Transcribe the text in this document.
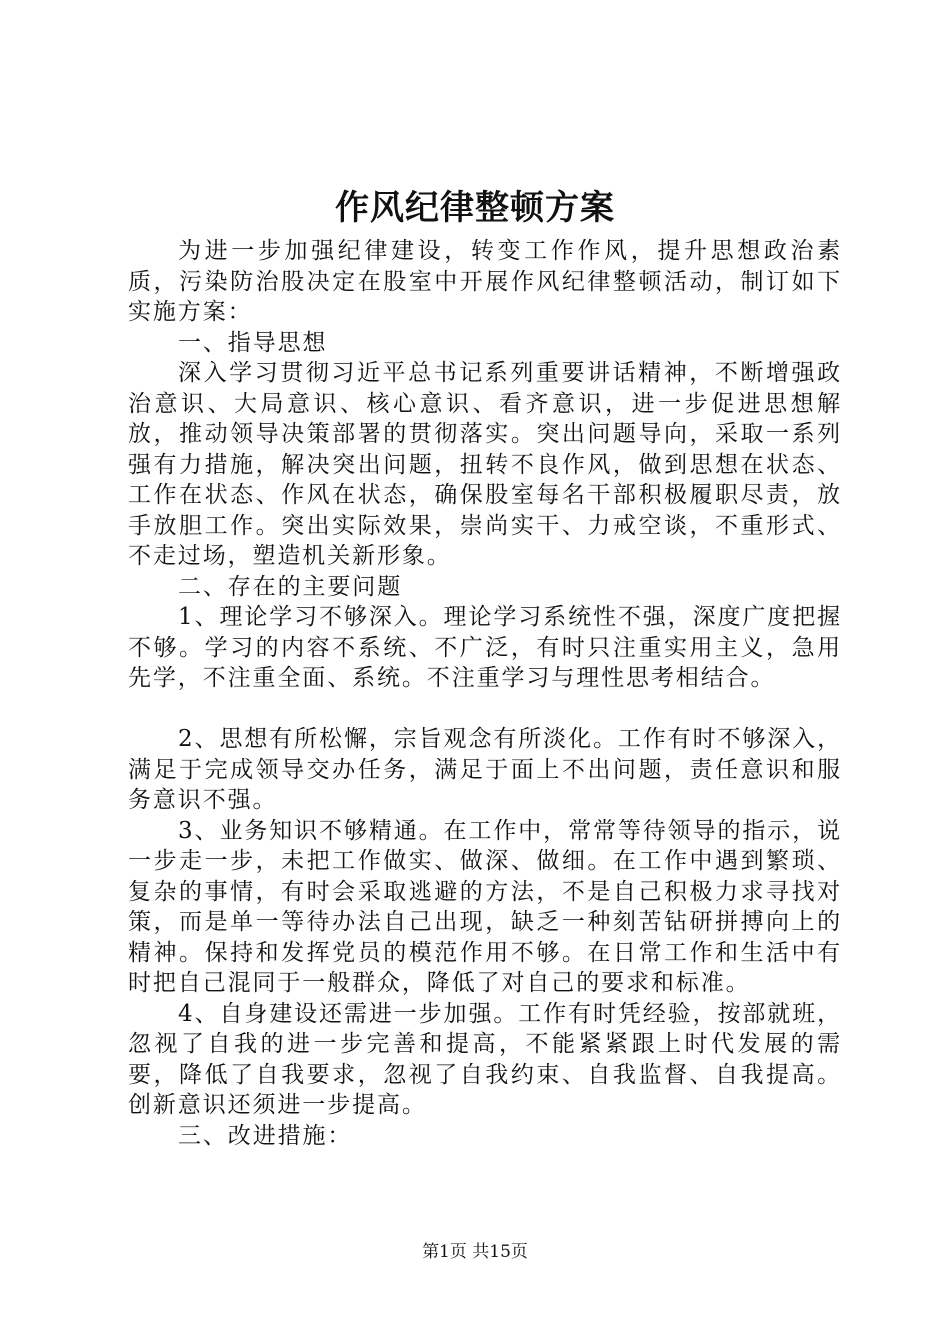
作风纪律整顿方案

为进一步加强纪律建设，转变工作作风，提升思想政治素质，污染防治股决定在股室中开展作风纪律整顿活动，制订如下实施方案：

一、指导思想

深入学习贯彻习近平总书记系列重要讲话精神，不断增强政治意识、大局意识、核心意识、看齐意识，进一步促进思想解放，推动领导决策部署的贯彻落实。突出问题导向，采取一系列强有力措施，解决突出问题，扭转不良作风，做到思想在状态、工作在状态、作风在状态，确保股室每名干部积极履职尽责，放手放胆工作。突出实际效果，崇尚实干、力戒空谈，不重形式、不走过场，塑造机关新形象。

二、存在的主要问题

1、理论学习不够深入。理论学习系统性不强，深度广度把握不够。学习的内容不系统、不广泛，有时只注重实用主义，急用先学，不注重全面、系统。不注重学习与理性思考相结合。

2、思想有所松懈，宗旨观念有所淡化。工作有时不够深入，满足于完成领导交办任务，满足于面上不出问题，责任意识和服务意识不强。

3、业务知识不够精通。在工作中，常常等待领导的指示，说一步走一步，未把工作做实、做深、做细。在工作中遇到繁琐、复杂的事情，有时会采取逃避的方法，不是自己积极力求寻找对策，而是单一等待办法自己出现，缺乏一种刻苦钻研拼搏向上的精神。保持和发挥党员的模范作用不够。在日常工作和生活中有时把自己混同于一般群众，降低了对自己的要求和标准。

4、自身建设还需进一步加强。工作有时凭经验，按部就班，忽视了自我的进一步完善和提高，不能紧紧跟上时代发展的需要，降低了自我要求，忽视了自我约束、自我监督、自我提高。创新意识还须进一步提高。

三、改进措施：

第1页 共15页
